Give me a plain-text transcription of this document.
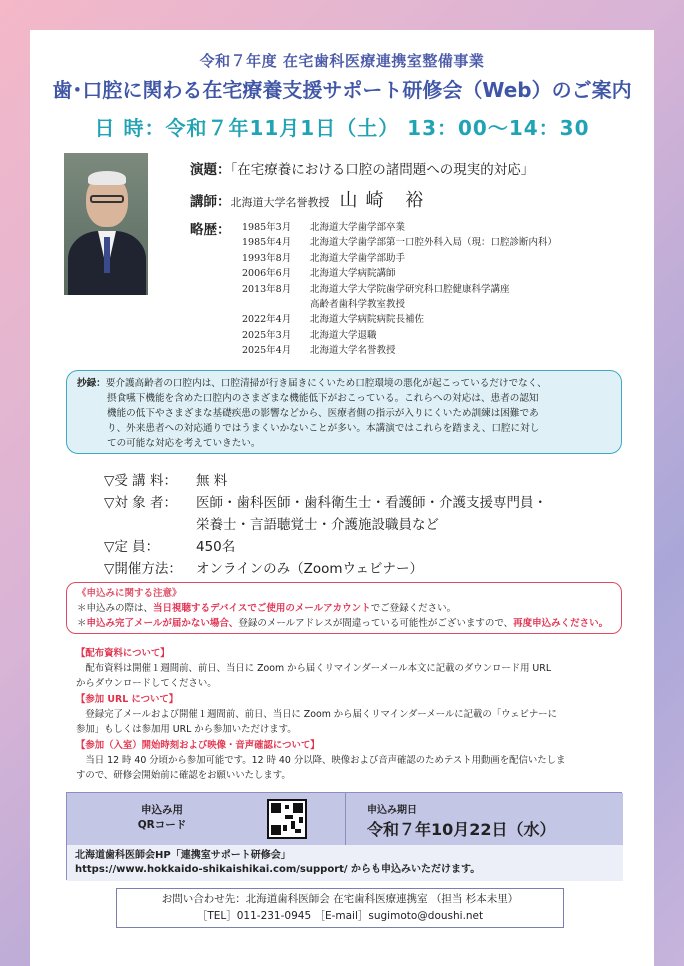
令和７年度 在宅歯科医療連携室整備事業
歯･口腔に関わる在宅療養支援サポート研修会（Web）のご案内
日 時：令和７年11月1日（土） 13：00〜14：30
演題：「在宅療養における口腔の諸問題への現実的対応」
講師：北海道大学名誉教授 山崎 裕
略歴： 1985年3月	北海道大学歯学部卒業
1985年4月	北海道大学歯学部第一口腔外科入局（現：口腔診断内科）
1993年8月	北海道大学歯学部助手
2006年6月	北海道大学病院講師
2013年8月	北海道大学大学院歯学研究科口腔健康科学講座
高齢者歯科学教室教授
2022年4月	北海道大学病院病院長補佐
2025年3月	北海道大学退職
2025年4月	北海道大学名誉教授
抄録：要介護高齢者の口腔内は、口腔清掃が行き届きにくいため口腔環境の悪化が起こっているだけでなく、
摂食嚥下機能を含めた口腔内のさまざまな機能低下がおこっている。これらへの対応は、患者の認知
機能の低下やさまざまな基礎疾患の影響などから、医療者側の指示が入りにくいため訓練は困難であ
り、外来患者への対応通りではうまくいかないことが多い。本講演ではこれらを踏まえ、口腔に対し
ての可能な対応を考えていきたい。
▽受 講 料：	無 料
▽対 象 者：	医師・歯科医師・歯科衛生士・看護師・介護支援専門員・
栄養士・言語聴覚士・介護施設職員など
▽定 員：	450名
▽開催方法：	オンラインのみ（Zoomウェビナー）
《申込みに関する注意》
＊申込みの際は、当日視聴するデバイスでご使用のメールアカウントでご登録ください。
＊申込み完了メールが届かない場合、登録のメールアドレスが間違っている可能性がございますので、再度申込みください。
【配布資料について】
　配布資料は開催１週間前、前日、当日に Zoom から届くリマインダーメール本文に記載のダウンロード用 URL
からダウンロードしてください。
【参加 URL について】
　登録完了メールおよび開催１週間前、前日、当日に Zoom から届くリマインダーメールに記載の「ウェビナーに
参加」もしくは参加用 URL から参加いただけます。
【参加（入室）開始時刻および映像・音声確認について】
　当日 12 時 40 分頃から参加可能です。12 時 40 分以降、映像および音声確認のためテスト用動画を配信いたしま
すので、研修会開始前に確認をお願いいたします。
申込み用
QRコード
申込み期日
令和７年10月22日（水）
北海道歯科医師会HP「連携室サポート研修会」
https://www.hokkaido-shikaishikai.com/support/ からも申込みいただけます。
お問い合わせ先：北海道歯科医師会 在宅歯科医療連携室 （担当 杉本未里）
［TEL］011-231-0945 ［E-mail］sugimoto@doushi.net
